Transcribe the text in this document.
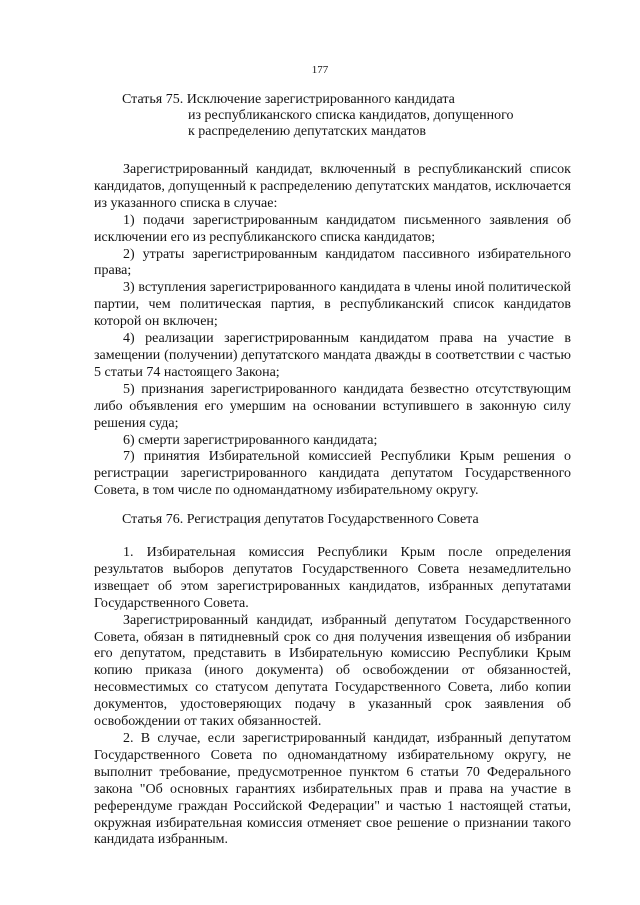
177
Статья 75. Исключение зарегистрированного кандидата
из республиканского списка кандидатов, допущенного
к распределению депутатских мандатов

Зарегистрированный кандидат, включенный в республиканский список кандидатов, допущенный к распределению депутатских мандатов, исключается из указанного списка в случае:

1) подачи зарегистрированным кандидатом письменного заявления об исключении его из республиканского списка кандидатов;

2) утраты зарегистрированным кандидатом пассивного избирательного права;

3) вступления зарегистрированного кандидата в члены иной политической партии, чем политическая партия, в республиканский список кандидатов которой он включен;

4) реализации зарегистрированным кандидатом права на участие в замещении (получении) депутатского мандата дважды в соответствии с частью 5 статьи 74 настоящего Закона;

5) признания зарегистрированного кандидата безвестно отсутствующим либо объявления его умершим на основании вступившего в законную силу решения суда;

6) смерти зарегистрированного кандидата;

7) принятия Избирательной комиссией Республики Крым решения о регистрации зарегистрированного кандидата депутатом Государственного Совета, в том числе по одномандатному избирательному округу.

Статья 76. Регистрация депутатов Государственного Совета

1. Избирательная комиссия Республики Крым после определения результатов выборов депутатов Государственного Совета незамедлительно извещает об этом зарегистрированных кандидатов, избранных депутатами Государственного Совета.

Зарегистрированный кандидат, избранный депутатом Государственного Совета, обязан в пятидневный срок со дня получения извещения об избрании его депутатом, представить в Избирательную комиссию Республики Крым копию приказа (иного документа) об освобождении от обязанностей, несовместимых со статусом депутата Государственного Совета, либо копии документов, удостоверяющих подачу в указанный срок заявления об освобождении от таких обязанностей.

2. В случае, если зарегистрированный кандидат, избранный депутатом Государственного Совета по одномандатному избирательному округу, не выполнит требование, предусмотренное пунктом 6 статьи 70 Федерального закона "Об основных гарантиях избирательных прав и права на участие в референдуме граждан Российской Федерации" и частью 1 настоящей статьи, окружная избирательная комиссия отменяет свое решение о признании такого кандидата избранным.
